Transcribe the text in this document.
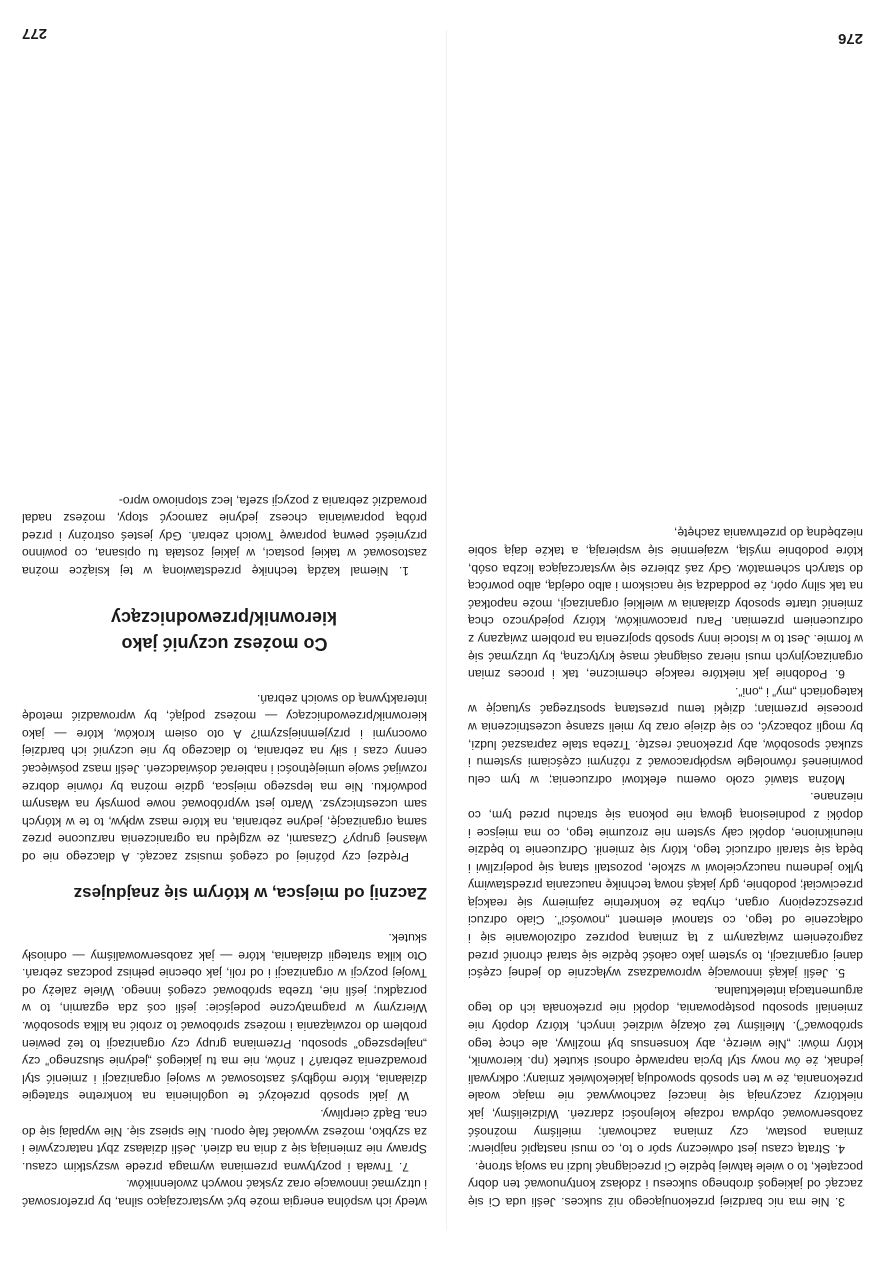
3. Nie ma nic bardziej przekonującego niż sukces. Jeśli uda Ci się zacząć od jakiegoś drobnego sukcesu i zdołasz kontynuować ten dobry początek, to o wiele łatwiej będzie Ci przeciągnąć ludzi na swoją stronę.

4. Stratą czasu jest odwieczny spór o to, co musi nastąpić najpierw: zmiana postaw, czy zmiana zachowań; mieliśmy możność zaobserwować obydwa rodzaje kolejności zdarzeń. Widzieliśmy, jak niektórzy zaczynają się inaczej zachowywać nie mając woale przekonania, że w ten sposób spowodują jakiekolwiek zmiany; odkrywali jednak, że ów nowy styl bycia naprawdę odnosi skutek (np. kierownik, który mówi: „Nie wierzę, aby konsensus był możliwy, ale chcę tego spróbować”). Mieliśmy też okazję widzieć innych, którzy dopóty nie zmieniali sposobu postępowania, dopóki nie przekonała ich do tego argumentacja intelektualna.

5. Jeśli jakąś innowację wprowadzasz wyłącznie do jednej części danej organizacji, to system jako całość będzie się starał chronić przed zagrożeniem związanym z tą zmianą poprzez odizolowanie się i odłączenie od tego, co stanowi element „nowości”. Ciało odrzuci przeszczepiony organ, chyba że konkretnie zajmiemy się reakcją przeciwciał; podobnie, gdy jakąś nową technikę nauczania przedstawimy tylko jednemu nauczycielowi w szkole, pozostali staną się podejrzliwi i będą się starali odrzucić tego, który się zmienił. Odrzucenie to będzie nieuniknione, dopóki cały system nie zrozumie tego, co ma miejsce i dopóki z podniesioną głową nie pokona się strachu przed tym, co nieznane.

Można stawić czoło owemu efektowi odrzucenia; w tym celu powinieneś równolegle współpracować z różnymi częściami systemu i szukać sposobów, aby przekonać resztę. Trzeba stale zapraszać ludzi, by mogli zobaczyć, co się dzieje oraz by mieli szansę uczestniczenia w procesie przemian; dzięki temu przestaną spostrzegać sytuację w kategoriach „my” i „oni”.

6. Podobnie jak niektóre reakcje chemiczne, tak i proces zmian organizacyjnych musi nieraz osiągnąć masę krytyczną, by utrzymać się w formie. Jest to w istocie inny sposób spojrzenia na problem związany z odrzuceniem przemian. Paru pracowników, którzy pojedynczo chcą zmienić utarte sposoby działania w wielkiej organizacji, może napotkać na tak silny opór, że poddadzą się naciskom i albo odejdą, albo powrócą do starych schematów. Gdy zaś zbierze się wystarczająca liczba osób, które podobnie myślą, wzajemnie się wspierają, a także dają sobie niezbędną do przetrwania zachętę,

276

wtedy ich wspólna energia może być wystarczająco silna, by przeforsować i utrzymać innowacje oraz zyskać nowych zwolenników.

7. Trwała i pozytywna przemiana wymaga przede wszystkim czasu. Sprawy nie zmieniają się z dnia na dzień. Jeśli działasz zbyt natarczywie i za szybko, możesz wywołać falę oporu. Nie spiesz się. Nie wypalaj się do cna. Bądź cierpliwy.

W jaki sposób przełożyć te uogólnienia na konkretne strategie działania, które mógłbyś zastosować w swojej organizacji i zmienić styl prowadzenia zebrań? I znów, nie ma tu jakiegoś „jedynie słusznego” czy „najlepszego” sposobu. Przemiana grupy czy organizacji to też pewien problem do rozwiązania i możesz spróbować to zrobić na kilka sposobów. Wierzymy w pragmatyczne podejście: jeśli coś zda egzamin, to w porządku; jeśli nie, trzeba spróbować czegoś innego. Wiele zależy od Twojej pozycji w organizacji i od roli, jak obecnie pełnisz podczas zebrań. Oto kilka strategii działania, które — jak zaobserwowaliśmy — odniosły skutek.

Zacznij od miejsca, w którym się znajdujesz

Prędzej czy później od czegoś musisz zacząć. A dlaczego nie od własnej grupy? Czasami, ze względu na ograniczenia narzucone przez samą organizację, jedyne zebrania, na które masz wpływ, to te w których sam uczestniczysz. Warto jest wypróbować nowe pomysły na własnym podwórku. Nie ma lepszego miejsca, gdzie można by równie dobrze rozwijać swoje umiejętności i nabierać doświadczeń. Jeśli masz poświęcać cenny czas i siły na zebrania, to dlaczego by nie uczynić ich bardziej owocnymi i przyjemniejszymi? A oto osiem kroków, które — jako kierownik/przewodniczący — możesz podjąć, by wprowadzić metodę interaktywną do swoich zebrań.

Co możesz uczynić jako kierownik/przewodniczący

1. Niemal każdą technikę przedstawioną w tej książce można zastosować w takiej postaci, w jakiej została tu opisana, co powinno przynieść pewną poprawę Twoich zebrań. Gdy jesteś ostrożny i przed próbą poprawiania chcesz jedynie zamocyć stopy, możesz nadal prowadzić zebrania z pozycji szefa, lecz stopniowo wpro-

277
